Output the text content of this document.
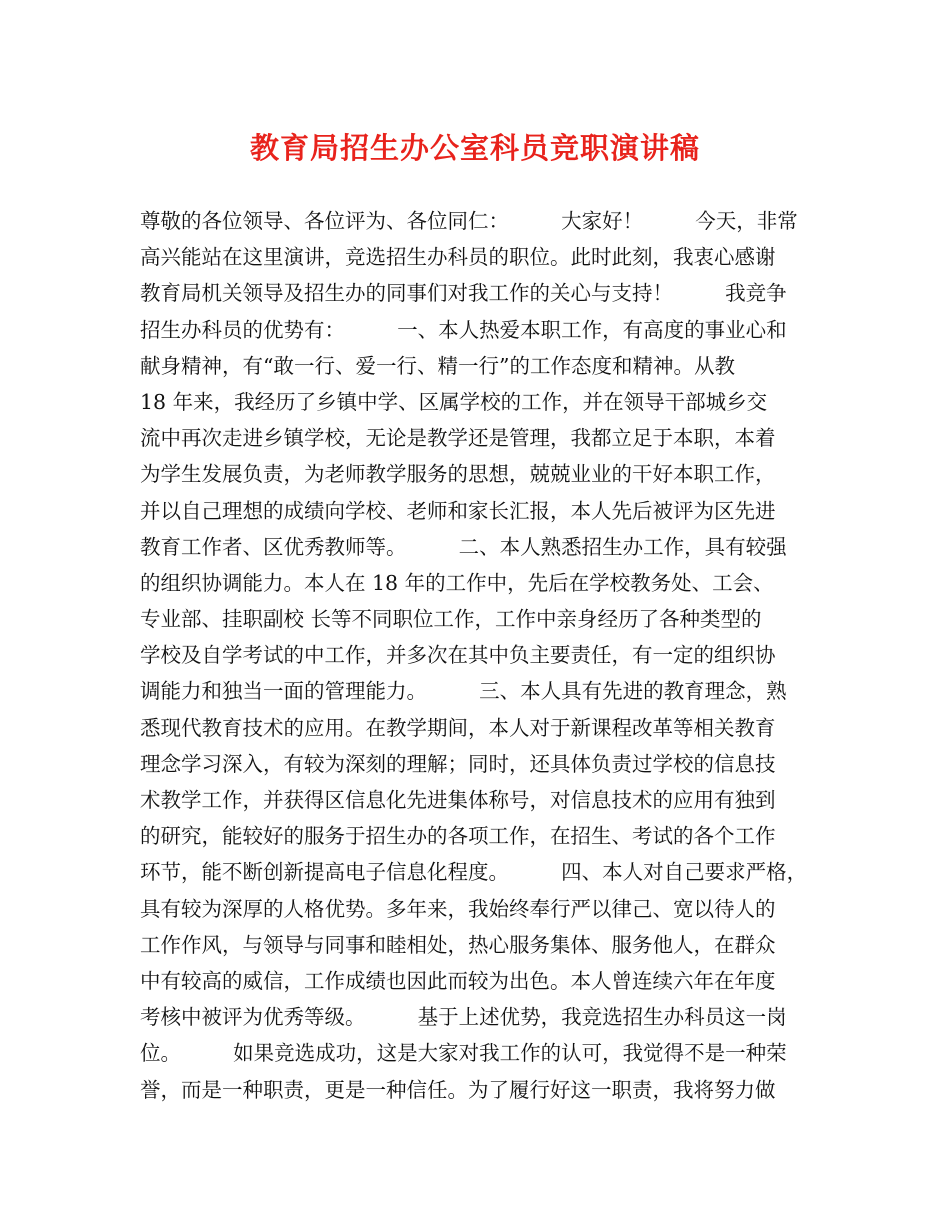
教育局招生办公室科员竞职演讲稿
尊敬的各位领导、各位评为、各位同仁：        大家好！        今天，非常
高兴能站在这里演讲，竞选招生办科员的职位。此时此刻，我衷心感谢
教育局机关领导及招生办的同事们对我工作的关心与支持！        我竞争
招生办科员的优势有：        一、本人热爱本职工作，有高度的事业心和
献身精神，有“敢一行、爱一行、精一行”的工作态度和精神。从教
18 年来，我经历了乡镇中学、区属学校的工作，并在领导干部城乡交
流中再次走进乡镇学校，无论是教学还是管理，我都立足于本职，本着
为学生发展负责，为老师教学服务的思想，兢兢业业的干好本职工作，
并以自己理想的成绩向学校、老师和家长汇报，本人先后被评为区先进
教育工作者、区优秀教师等。        二、本人熟悉招生办工作，具有较强
的组织协调能力。本人在 18 年的工作中，先后在学校教务处、工会、
专业部、挂职副校 长等不同职位工作，工作中亲身经历了各种类型的
学校及自学考试的中工作，并多次在其中负主要责任，有一定的组织协
调能力和独当一面的管理能力。        三、本人具有先进的教育理念，熟
悉现代教育技术的应用。在教学期间，本人对于新课程改革等相关教育
理念学习深入，有较为深刻的理解；同时，还具体负责过学校的信息技
术教学工作，并获得区信息化先进集体称号，对信息技术的应用有独到
的研究，能较好的服务于招生办的各项工作，在招生、考试的各个工作
环节，能不断创新提高电子信息化程度。        四、本人对自己要求严格，
具有较为深厚的人格优势。多年来，我始终奉行严以律己、宽以待人的
工作作风，与领导与同事和睦相处，热心服务集体、服务他人，在群众
中有较高的威信，工作成绩也因此而较为出色。本人曾连续六年在年度
考核中被评为优秀等级。        基于上述优势，我竞选招生办科员这一岗
位。        如果竞选成功，这是大家对我工作的认可，我觉得不是一种荣
誉，而是一种职责，更是一种信任。为了履行好这一职责，我将努力做
